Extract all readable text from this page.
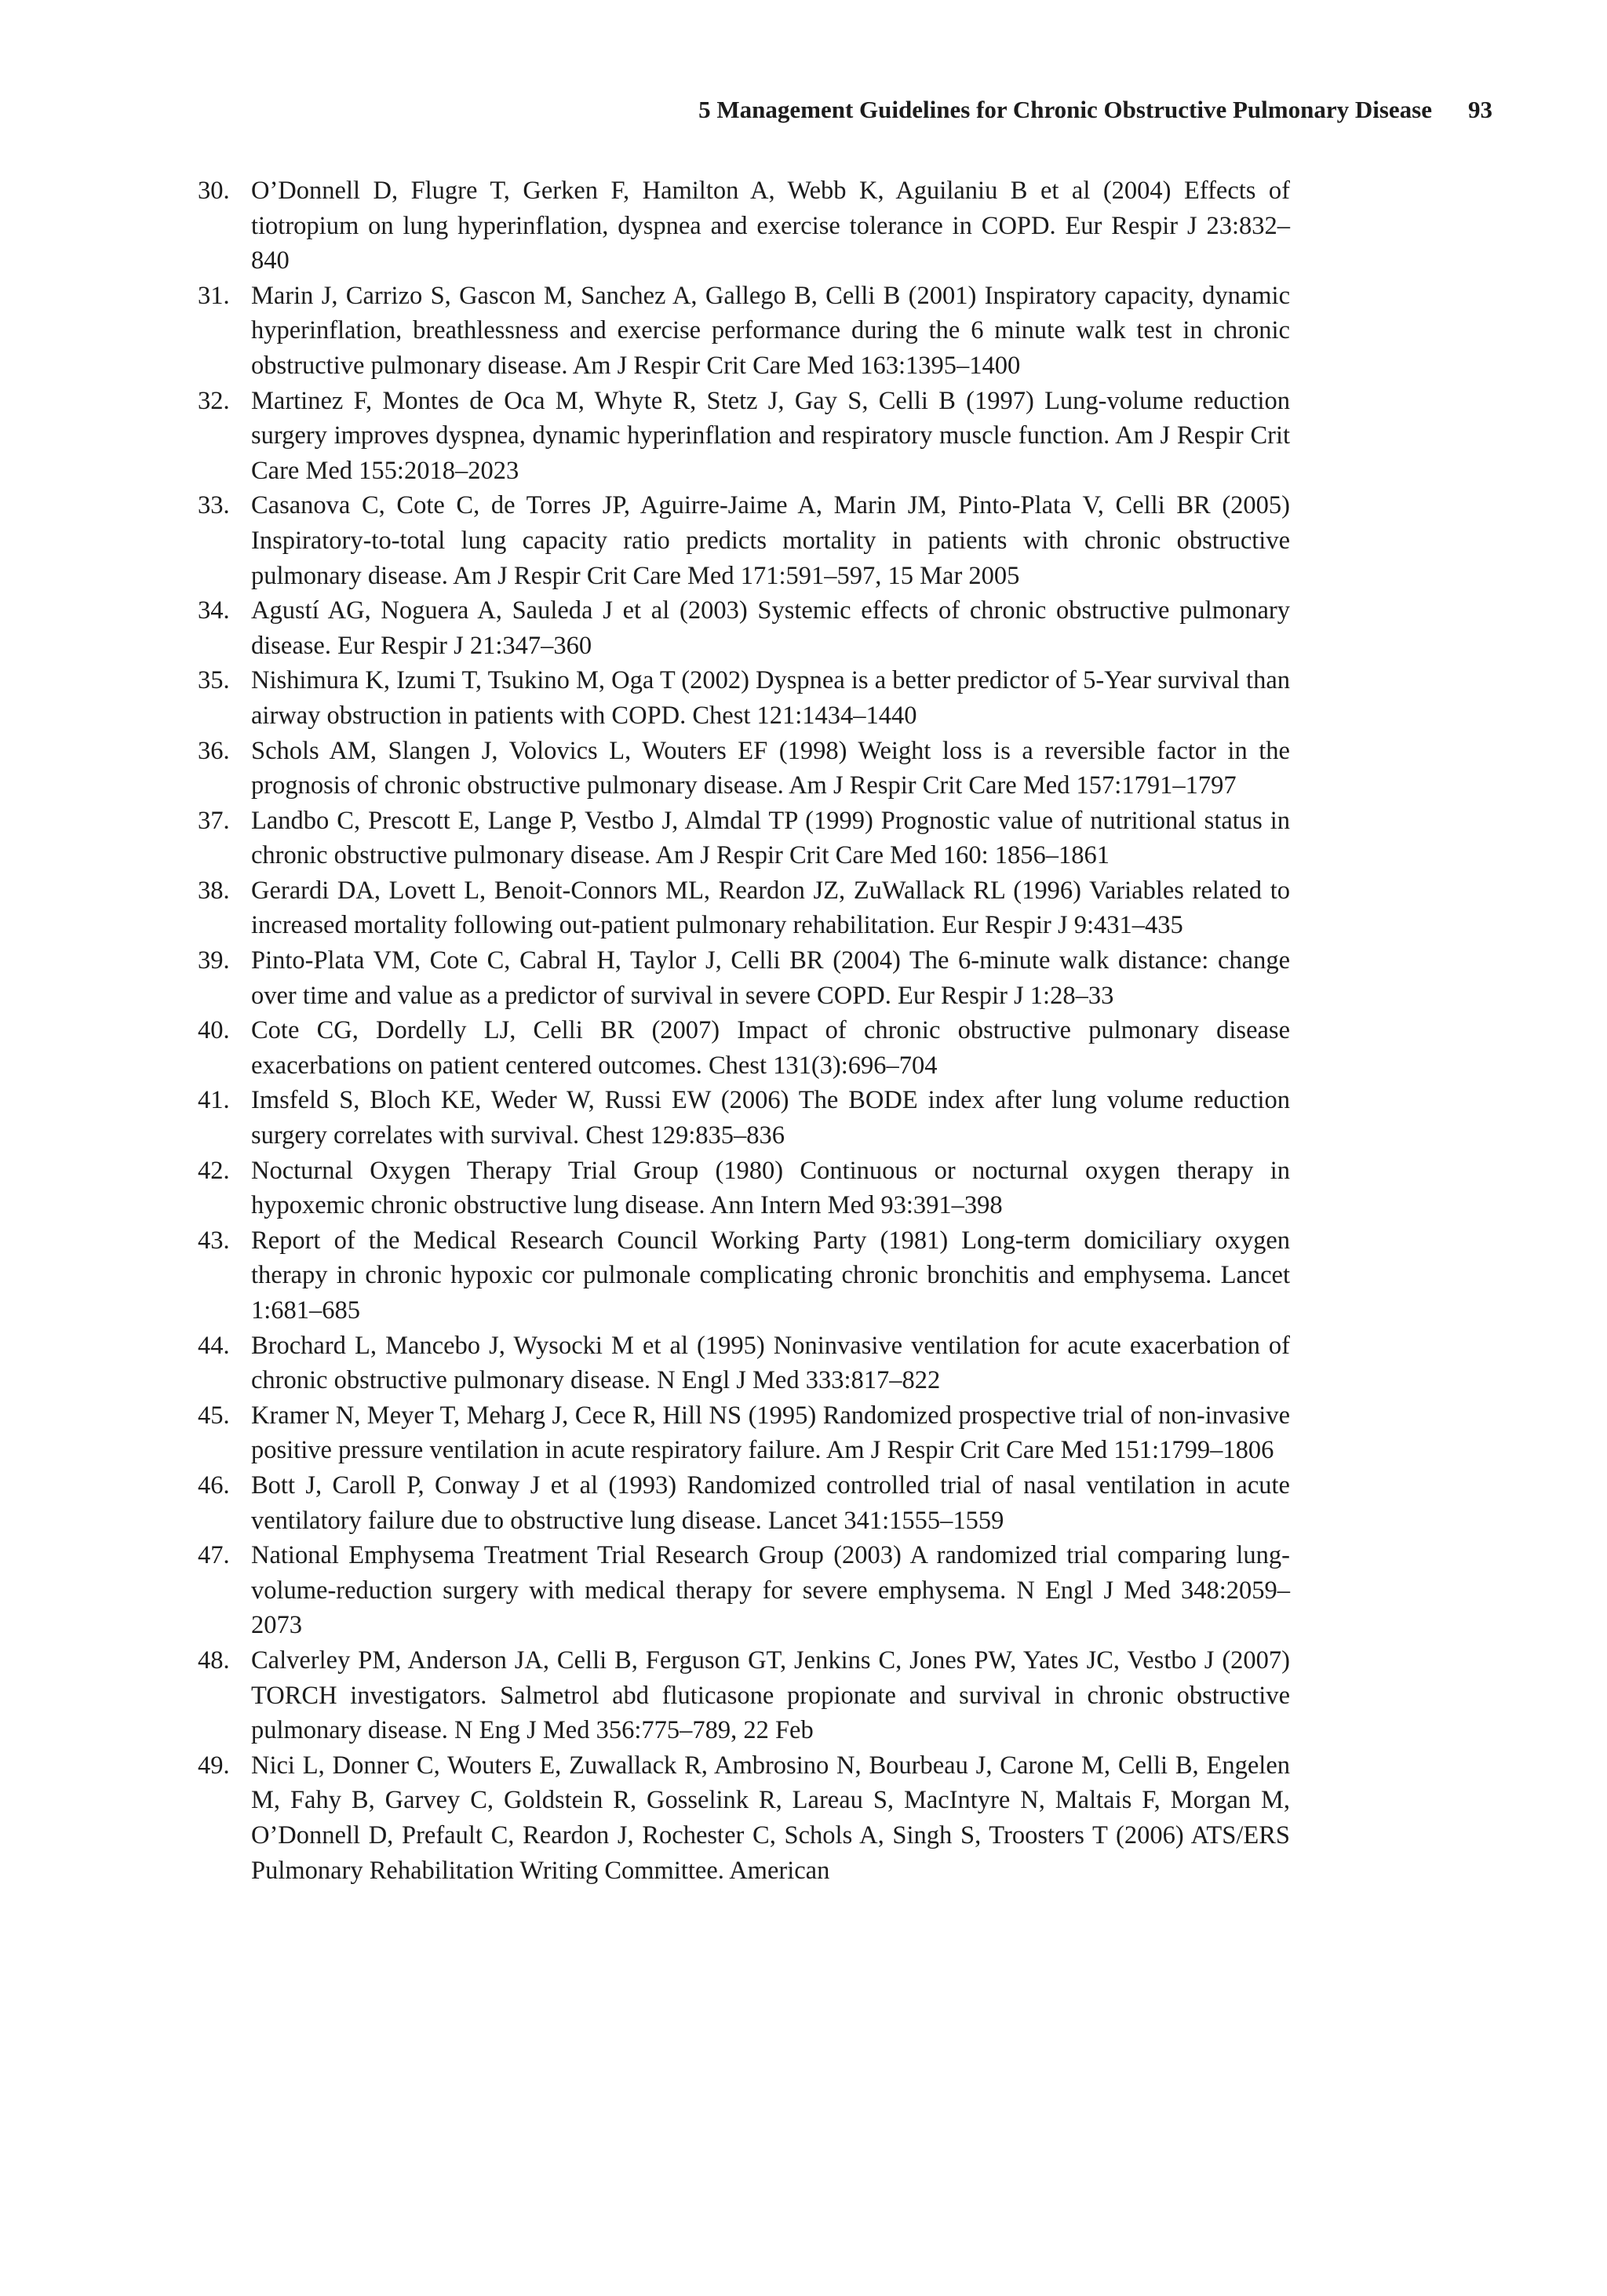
5 Management Guidelines for Chronic Obstructive Pulmonary Disease 93
30. O’Donnell D, Flugre T, Gerken F, Hamilton A, Webb K, Aguilaniu B et al (2004) Effects of tiotropium on lung hyperinflation, dyspnea and exercise tolerance in COPD. Eur Respir J 23:832–840
31. Marin J, Carrizo S, Gascon M, Sanchez A, Gallego B, Celli B (2001) Inspiratory capacity, dynamic hyperinflation, breathlessness and exercise performance during the 6 minute walk test in chronic obstructive pulmonary disease. Am J Respir Crit Care Med 163:1395–1400
32. Martinez F, Montes de Oca M, Whyte R, Stetz J, Gay S, Celli B (1997) Lung-volume reduction surgery improves dyspnea, dynamic hyperinflation and respiratory muscle function. Am J Respir Crit Care Med 155:2018–2023
33. Casanova C, Cote C, de Torres JP, Aguirre-Jaime A, Marin JM, Pinto-Plata V, Celli BR (2005) Inspiratory-to-total lung capacity ratio predicts mortality in patients with chronic obstructive pulmonary disease. Am J Respir Crit Care Med 171:591–597, 15 Mar 2005
34. Agustí AG, Noguera A, Sauleda J et al (2003) Systemic effects of chronic obstructive pulmonary disease. Eur Respir J 21:347–360
35. Nishimura K, Izumi T, Tsukino M, Oga T (2002) Dyspnea is a better predictor of 5-Year survival than airway obstruction in patients with COPD. Chest 121:1434–1440
36. Schols AM, Slangen J, Volovics L, Wouters EF (1998) Weight loss is a reversible factor in the prognosis of chronic obstructive pulmonary disease. Am J Respir Crit Care Med 157:1791–1797
37. Landbo C, Prescott E, Lange P, Vestbo J, Almdal TP (1999) Prognostic value of nutritional status in chronic obstructive pulmonary disease. Am J Respir Crit Care Med 160: 1856–1861
38. Gerardi DA, Lovett L, Benoit-Connors ML, Reardon JZ, ZuWallack RL (1996) Variables related to increased mortality following out-patient pulmonary rehabilitation. Eur Respir J 9:431–435
39. Pinto-Plata VM, Cote C, Cabral H, Taylor J, Celli BR (2004) The 6-minute walk distance: change over time and value as a predictor of survival in severe COPD. Eur Respir J 1:28–33
40. Cote CG, Dordelly LJ, Celli BR (2007) Impact of chronic obstructive pulmonary disease exacerbations on patient centered outcomes. Chest 131(3):696–704
41. Imsfeld S, Bloch KE, Weder W, Russi EW (2006) The BODE index after lung volume reduction surgery correlates with survival. Chest 129:835–836
42. Nocturnal Oxygen Therapy Trial Group (1980) Continuous or nocturnal oxygen therapy in hypoxemic chronic obstructive lung disease. Ann Intern Med 93:391–398
43. Report of the Medical Research Council Working Party (1981) Long-term domiciliary oxygen therapy in chronic hypoxic cor pulmonale complicating chronic bronchitis and emphysema. Lancet 1:681–685
44. Brochard L, Mancebo J, Wysocki M et al (1995) Noninvasive ventilation for acute exacerbation of chronic obstructive pulmonary disease. N Engl J Med 333:817–822
45. Kramer N, Meyer T, Meharg J, Cece R, Hill NS (1995) Randomized prospective trial of non-invasive positive pressure ventilation in acute respiratory failure. Am J Respir Crit Care Med 151:1799–1806
46. Bott J, Caroll P, Conway J et al (1993) Randomized controlled trial of nasal ventilation in acute ventilatory failure due to obstructive lung disease. Lancet 341:1555–1559
47. National Emphysema Treatment Trial Research Group (2003) A randomized trial comparing lung-volume-reduction surgery with medical therapy for severe emphysema. N Engl J Med 348:2059–2073
48. Calverley PM, Anderson JA, Celli B, Ferguson GT, Jenkins C, Jones PW, Yates JC, Vestbo J (2007) TORCH investigators. Salmetrol abd fluticasone propionate and survival in chronic obstructive pulmonary disease. N Eng J Med 356:775–789, 22 Feb
49. Nici L, Donner C, Wouters E, Zuwallack R, Ambrosino N, Bourbeau J, Carone M, Celli B, Engelen M, Fahy B, Garvey C, Goldstein R, Gosselink R, Lareau S, MacIntyre N, Maltais F, Morgan M, O’Donnell D, Prefault C, Reardon J, Rochester C, Schols A, Singh S, Troosters T (2006) ATS/ERS Pulmonary Rehabilitation Writing Committee. American
